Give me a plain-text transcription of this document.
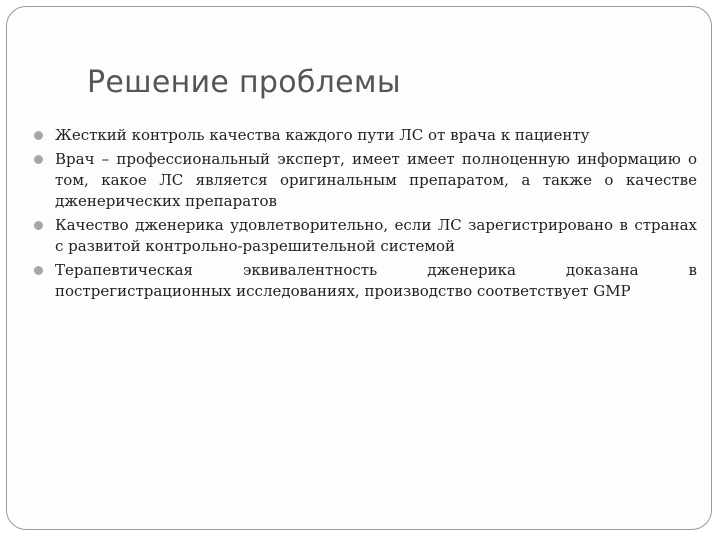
Решение проблемы
Жесткий контроль качества каждого пути ЛС от врача к пациенту
Врач – профессиональный эксперт, имеет имеет полноценную информацию о том, какое ЛС является оригинальным препаратом, а также о качестве дженерических препаратов
Качество дженерика удовлетворительно, если ЛС зарегистрировано в странах с развитой контрольно-разрешительной системой
Терапевтическая эквивалентность дженерика доказана в
пострегистрационных исследованиях, производство соответствует GMP
